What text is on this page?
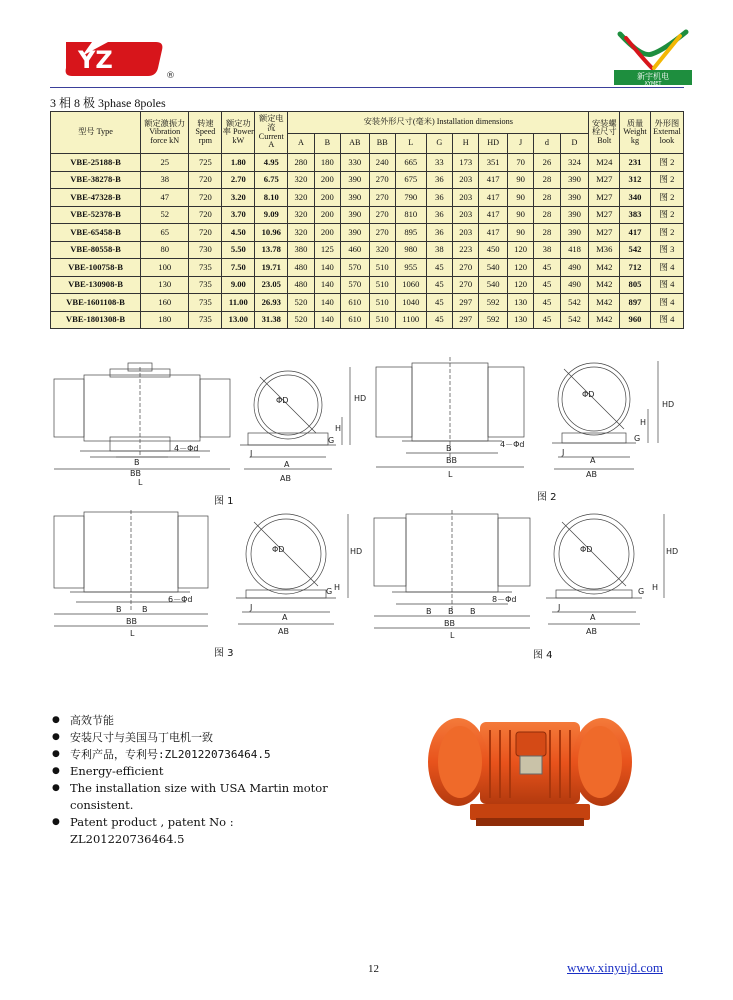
YZ
®	新宇机电
XYMET
3 相 8 极 3phase 8poles
型号 Type	额定激振力 Vibration force kN	转速 Speed rpm	额定功率 Power kW	额定电流 Current A	安装外形尺寸(毫米) Installation dimensions											安装螺栓尺寸 Bolt	质量 Weight kg	外形图 External look
					A	B	AB	BB	L	G	H	HD	J	d	D			
VBE-25188-B	25	725	1.80	4.95	280	180	330	240	665	33	173	351	70	26	324	M24	231	图 2
VBE-38278-B	38	720	2.70	6.75	320	200	390	270	675	36	203	417	90	28	390	M27	312	图 2
VBE-47328-B	47	720	3.20	8.10	320	200	390	270	790	36	203	417	90	28	390	M27	340	图 2
VBE-52378-B	52	720	3.70	9.09	320	200	390	270	810	36	203	417	90	28	390	M27	383	图 2
VBE-65458-B	65	720	4.50	10.96	320	200	390	270	895	36	203	417	90	28	390	M27	417	图 2
VBE-80558-B	80	730	5.50	13.78	380	125	460	320	980	38	223	450	120	38	418	M36	542	图 3
VBE-100758-B	100	735	7.50	19.71	480	140	570	510	955	45	270	540	120	45	490	M42	712	图 4
VBE-130908-B	130	735	9.00	23.05	480	140	570	510	1060	45	270	540	120	45	490	M42	805	图 4
VBE-1601108-B	160	735	11.00	26.93	520	140	610	510	1040	45	297	592	130	45	542	M42	897	图 4
VBE-1801308-B	180	735	13.00	31.38	520	140	610	510	1100	45	297	592	130	45	542	M42	960	图 4
B
BB
L
ΦD
A
AB
HD
H
J
G
4－Φd
图 1
B
BB
L
ΦD
A
AB
HD
H
J
G
4－Φd
图 2
B	B
BB
L
ΦD
A
AB
HD
J
G H
6－Φd
图 3
B B B
BB
L
ΦD
A
AB
HD
J
G H
8－Φd
图 4
● 高效节能
● 安装尺寸与美国马丁电机一致
● 专利产品，专利号:ZL201220736464.5
● Energy-efficient
● The installation size with USA Martin motor consistent.
● Patent product , patent No : ZL201220736464.5
12	www.xinyujd.com
